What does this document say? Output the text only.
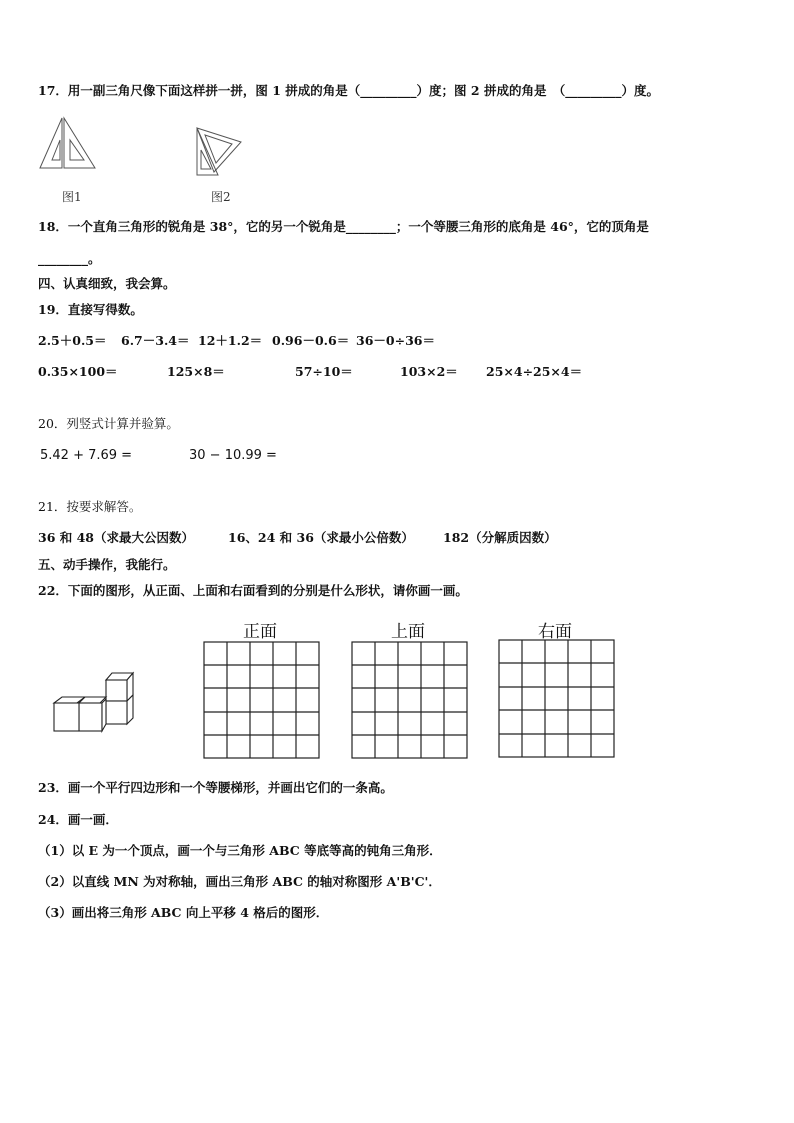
17．用一副三角尺像下面这样拼一拼，图 1 拼成的角是（_________）度；图 2 拼成的角是　（_________）度。
图1	图2
18．一个直角三角形的锐角是 38°，它的另一个锐角是________；一个等腰三角形的底角是 46°，它的顶角是
________。
四、认真细致，我会算。
19．直接写得数。
2.5＋0.5＝ 6.7－3.4＝ 12＋1.2＝ 0.96－0.6＝ 36－0÷36＝
0.35×100＝	125×8＝	57÷10＝	103×2＝ 25×4÷25×4＝
20．列竖式计算并验算。
5.42 + 7.69 =	30 − 10.99 =
21．按要求解答。
36 和 48（求最大公因数）	16、24 和 36（求最小公倍数） 182（分解质因数）
五、动手操作，我能行。
22．下面的图形，从正面、上面和右面看到的分别是什么形状，请你画一画。
正面	上面	右面
23．画一个平行四边形和一个等腰梯形，并画出它们的一条高。
24．画一画．
（1）以 E 为一个顶点，画一个与三角形 ABC 等底等高的钝角三角形．
（2）以直线 MN 为对称轴，画出三角形 ABC 的轴对称图形 A'B'C'．
（3）画出将三角形 ABC 向上平移 4 格后的图形．
